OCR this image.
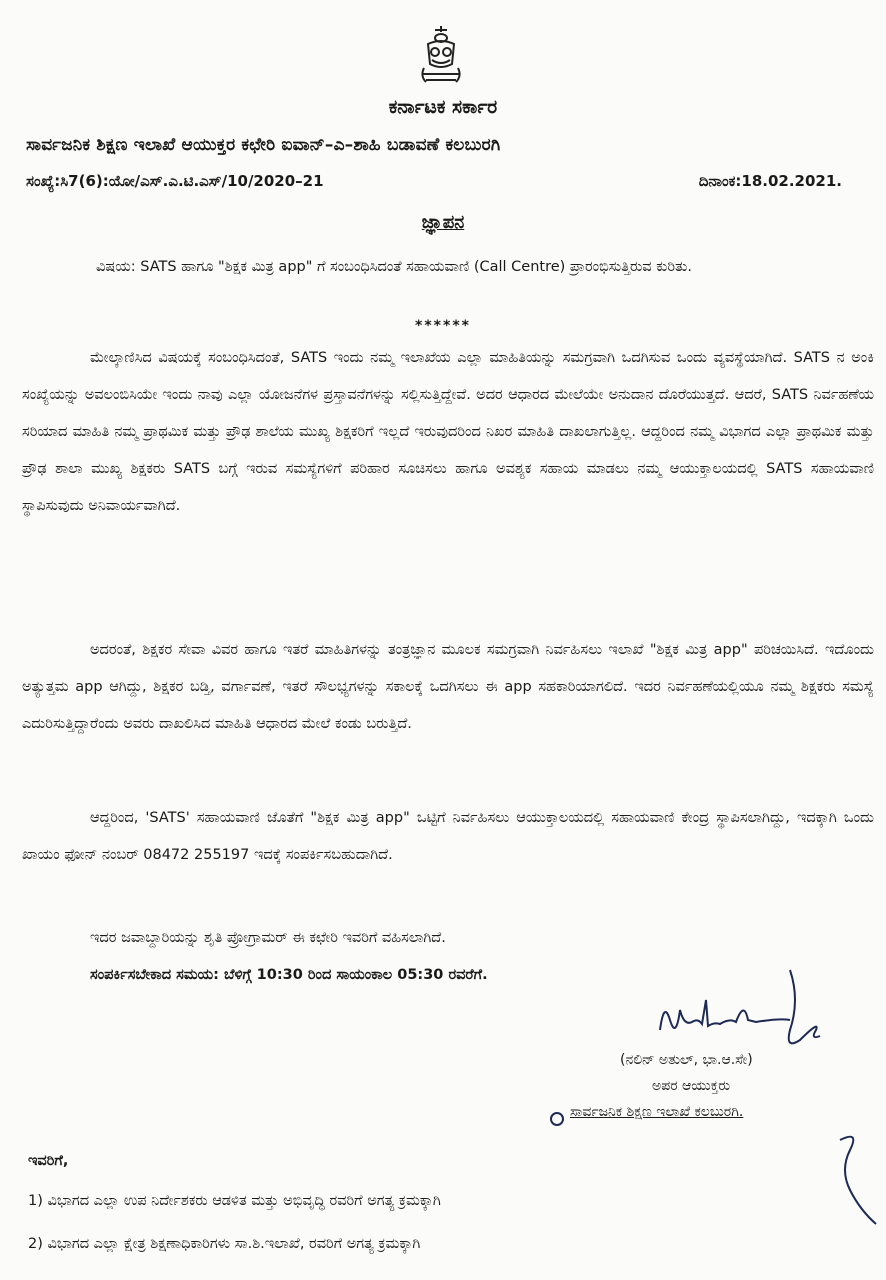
ಕರ್ನಾಟಕ ಸರ್ಕಾರ
ಸಾರ್ವಜನಿಕ ಶಿಕ್ಷಣ ಇಲಾಖೆ ಆಯುಕ್ತರ ಕಛೇರಿ ಐವಾನ್–ಎ–ಶಾಹಿ ಬಡಾವಣೆ ಕಲಬುರಗಿ
ಸಂಖ್ಯೆ:ಸಿ7(6):ಯೋ/ಎಸ್.ಎ.ಟಿ.ಎಸ್/10/2020–21	ದಿನಾಂಕ:18.02.2021.
ಜ್ಞಾಪನ
ವಿಷಯ: SATS ಹಾಗೂ "ಶಿಕ್ಷಕ ಮಿತ್ರ app" ಗೆ ಸಂಬಂಧಿಸಿದಂತೆ ಸಹಾಯವಾಣಿ (Call Centre) ಪ್ರಾರಂಭಿಸುತ್ತಿರುವ ಕುರಿತು.
******
ಮೇಲ್ಕಾಣಿಸಿದ ವಿಷಯಕ್ಕೆ ಸಂಬಂಧಿಸಿದಂತೆ, SATS ಇಂದು ನಮ್ಮ ಇಲಾಖೆಯ ಎಲ್ಲಾ ಮಾಹಿತಿಯನ್ನು ಸಮಗ್ರವಾಗಿ ಒದಗಿಸುವ ಒಂದು ವ್ಯವಸ್ಥೆಯಾಗಿದೆ. SATS ನ ಅಂಕಿ ಸಂಖ್ಯೆಯನ್ನು ಅವಲಂಬಿಸಿಯೇ ಇಂದು ನಾವು ಎಲ್ಲಾ ಯೋಜನೆಗಳ ಪ್ರಸ್ತಾವನೆಗಳನ್ನು ಸಲ್ಲಿಸುತ್ತಿದ್ದೇವೆ. ಅದರ ಆಧಾರದ ಮೇಲೆಯೇ ಅನುದಾನ ದೊರೆಯುತ್ತದೆ. ಆದರೆ, SATS ನಿರ್ವಹಣೆಯ ಸರಿಯಾದ ಮಾಹಿತಿ ನಮ್ಮ ಪ್ರಾಥಮಿಕ ಮತ್ತು ಪ್ರೌಢ ಶಾಲೆಯ ಮುಖ್ಯ ಶಿಕ್ಷಕರಿಗೆ ಇಲ್ಲದೆ ಇರುವುದರಿಂದ ನಿಖರ ಮಾಹಿತಿ ದಾಖಲಾಗುತ್ತಿಲ್ಲ. ಆದ್ದರಿಂದ ನಮ್ಮ ವಿಭಾಗದ ಎಲ್ಲಾ ಪ್ರಾಥಮಿಕ ಮತ್ತು ಪ್ರೌಢ ಶಾಲಾ ಮುಖ್ಯ ಶಿಕ್ಷಕರು SATS ಬಗ್ಗೆ ಇರುವ ಸಮಸ್ಯೆಗಳಿಗೆ ಪರಿಹಾರ ಸೂಚಿಸಲು ಹಾಗೂ ಅವಶ್ಯಕ ಸಹಾಯ ಮಾಡಲು ನಮ್ಮ ಆಯುಕ್ತಾಲಯದಲ್ಲಿ SATS ಸಹಾಯವಾಣಿ ಸ್ಥಾಪಿಸುವುದು ಅನಿವಾರ್ಯವಾಗಿದೆ.
ಅದರಂತೆ, ಶಿಕ್ಷಕರ ಸೇವಾ ವಿವರ ಹಾಗೂ ಇತರೆ ಮಾಹಿತಿಗಳನ್ನು ತಂತ್ರಜ್ಞಾನ ಮೂಲಕ ಸಮಗ್ರವಾಗಿ ನಿರ್ವಹಿಸಲು ಇಲಾಖೆ "ಶಿಕ್ಷಕ ಮಿತ್ರ app" ಪರಿಚಯಿಸಿದೆ. ಇದೊಂದು ಅತ್ಯುತ್ತಮ app ಆಗಿದ್ದು, ಶಿಕ್ಷಕರ ಬಡ್ತಿ, ವರ್ಗಾವಣೆ, ಇತರೆ ಸೌಲಭ್ಯಗಳನ್ನು ಸಕಾಲಕ್ಕೆ ಒದಗಿಸಲು ಈ app ಸಹಕಾರಿಯಾಗಲಿದೆ. ಇದರ ನಿರ್ವಹಣೆಯಲ್ಲಿಯೂ ನಮ್ಮ ಶಿಕ್ಷಕರು ಸಮಸ್ಯೆ ಎದುರಿಸುತ್ತಿದ್ದಾರೆಂದು ಅವರು ದಾಖಲಿಸಿದ ಮಾಹಿತಿ ಆಧಾರದ ಮೇಲೆ ಕಂಡು ಬರುತ್ತಿದೆ.
ಆದ್ದರಿಂದ, 'SATS' ಸಹಾಯವಾಣಿ ಜೊತೆಗೆ "ಶಿಕ್ಷಕ ಮಿತ್ರ app" ಒಟ್ಟಿಗೆ ನಿರ್ವಹಿಸಲು ಆಯುಕ್ತಾಲಯದಲ್ಲಿ ಸಹಾಯವಾಣಿ ಕೇಂದ್ರ ಸ್ಥಾಪಿಸಲಾಗಿದ್ದು, ಇದಕ್ಕಾಗಿ ಒಂದು ಖಾಯಂ ಫೋನ್ ನಂಬರ್ 08472 255197 ಇದಕ್ಕೆ ಸಂಪರ್ಕಿಸಬಹುದಾಗಿದೆ.
ಇದರ ಜವಾಬ್ದಾರಿಯನ್ನು ಶೃತಿ ಪ್ರೋಗ್ರಾಮರ್ ಈ ಕಛೇರಿ ಇವರಿಗೆ ವಹಿಸಲಾಗಿದೆ.
ಸಂಪರ್ಕಿಸಬೇಕಾದ ಸಮಯ: ಬೆಳಿಗ್ಗೆ 10:30 ರಿಂದ ಸಾಯಂಕಾಲ 05:30 ರವರೆಗೆ.
(ನಲಿನ್ ಅತುಲ್, ಭಾ.ಆ.ಸೇ)
ಅಪರ ಆಯುಕ್ತರು
ಸಾರ್ವಜನಿಕ ಶಿಕ್ಷಣ ಇಲಾಖೆ ಕಲಬುರಗಿ.
ಇವರಿಗೆ,
1) ವಿಭಾಗದ ಎಲ್ಲಾ ಉಪ ನಿರ್ದೇಶಕರು ಆಡಳಿತ ಮತ್ತು ಅಭಿವೃದ್ಧಿ ರವರಿಗೆ ಅಗತ್ಯ ಕ್ರಮಕ್ಕಾಗಿ
2) ವಿಭಾಗದ ಎಲ್ಲಾ ಕ್ಷೇತ್ರ ಶಿಕ್ಷಣಾಧಿಕಾರಿಗಳು ಸಾ.ಶಿ.ಇಲಾಖೆ, ರವರಿಗೆ ಅಗತ್ಯ ಕ್ರಮಕ್ಕಾಗಿ
